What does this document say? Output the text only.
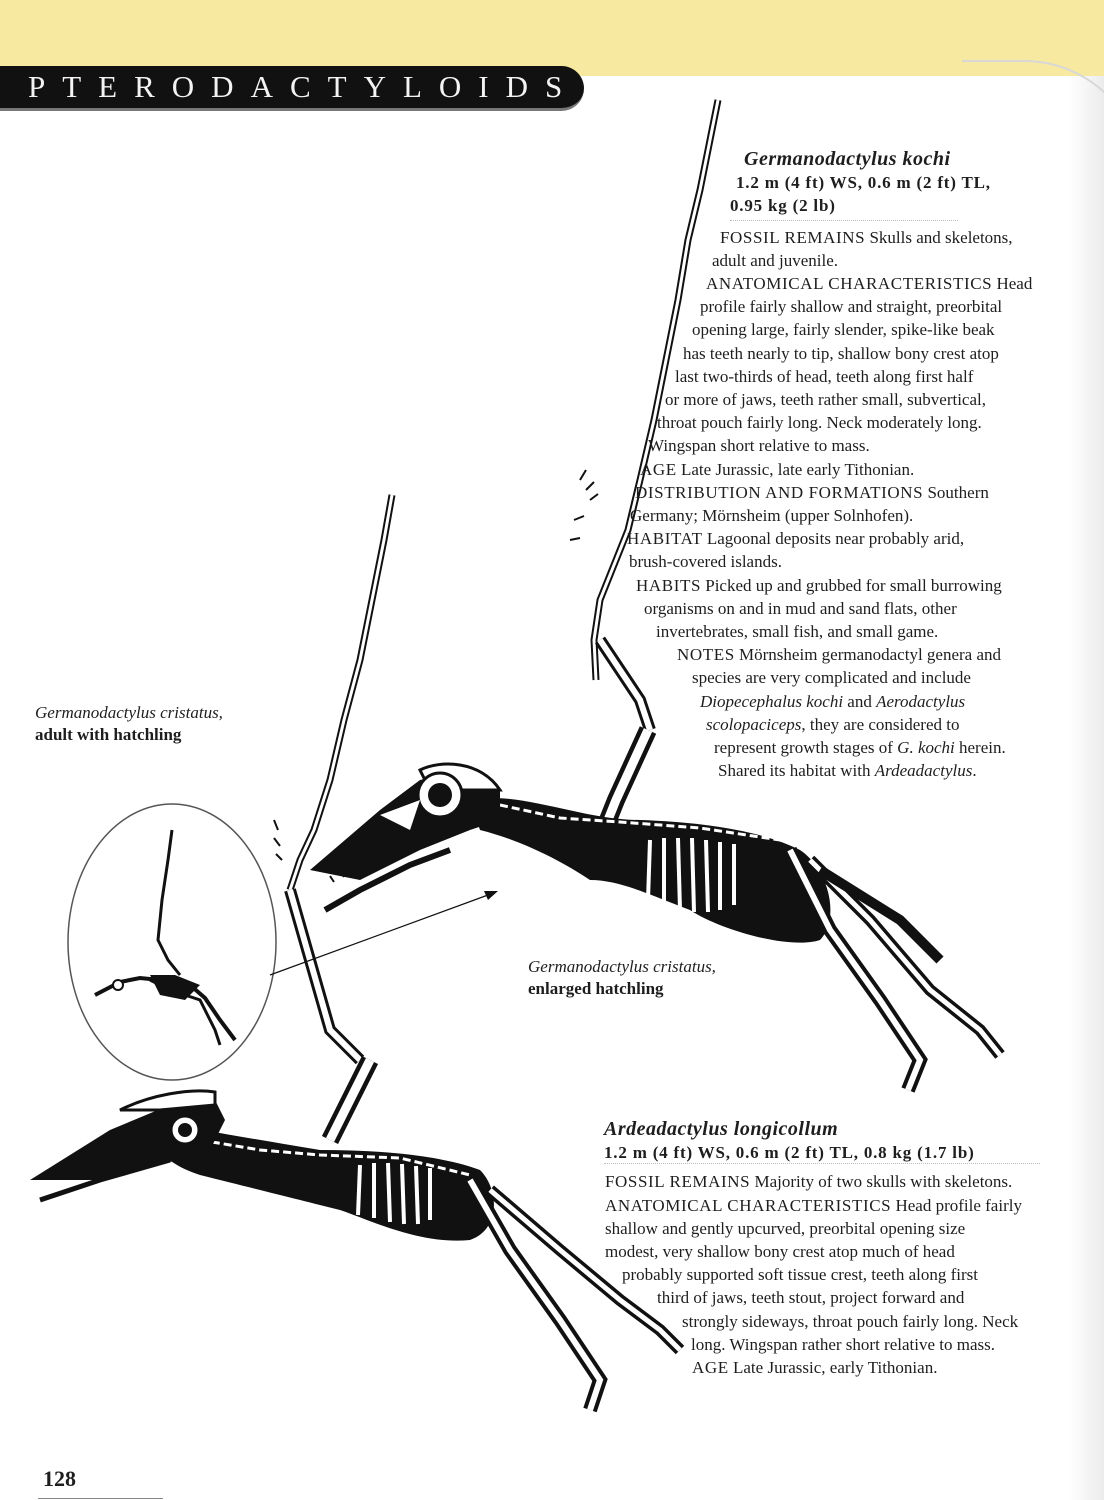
PTERODACTYLOIDS
Germanodactylus kochi
1.2 m (4 ft) WS, 0.6 m (2 ft) TL,
0.95 kg (2 lb)
FOSSIL REMAINS Skulls and skeletons,
adult and juvenile.
ANATOMICAL CHARACTERISTICS Head
profile fairly shallow and straight, preorbital
opening large, fairly slender, spike-like beak
has teeth nearly to tip, shallow bony crest atop
last two-thirds of head, teeth along first half
or more of jaws, teeth rather small, subvertical,
throat pouch fairly long. Neck moderately long.
Wingspan short relative to mass.
AGE Late Jurassic, late early Tithonian.
DISTRIBUTION AND FORMATIONS Southern
Germany; Mörnsheim (upper Solnhofen).
HABITAT Lagoonal deposits near probably arid,
brush-covered islands.
HABITS Picked up and grubbed for small burrowing
organisms on and in mud and sand flats, other
invertebrates, small fish, and small game.
NOTES Mörnsheim germanodactyl genera and
species are very complicated and include
Diopecephalus kochi and Aerodactylus
scolopaciceps, they are considered to
represent growth stages of G. kochi herein.
Shared its habitat with Ardeadactylus.
Ardeadactylus longicollum
1.2 m (4 ft) WS, 0.6 m (2 ft) TL, 0.8 kg (1.7 lb)
FOSSIL REMAINS Majority of two skulls with skeletons.
ANATOMICAL CHARACTERISTICS Head profile fairly
shallow and gently upcurved, preorbital opening size
modest, very shallow bony crest atop much of head
probably supported soft tissue crest, teeth along first
third of jaws, teeth stout, project forward and
strongly sideways, throat pouch fairly long. Neck
long. Wingspan rather short relative to mass.
AGE Late Jurassic, early Tithonian.
Germanodactylus cristatus,
adult with hatchling
Germanodactylus cristatus,
enlarged hatchling
128
